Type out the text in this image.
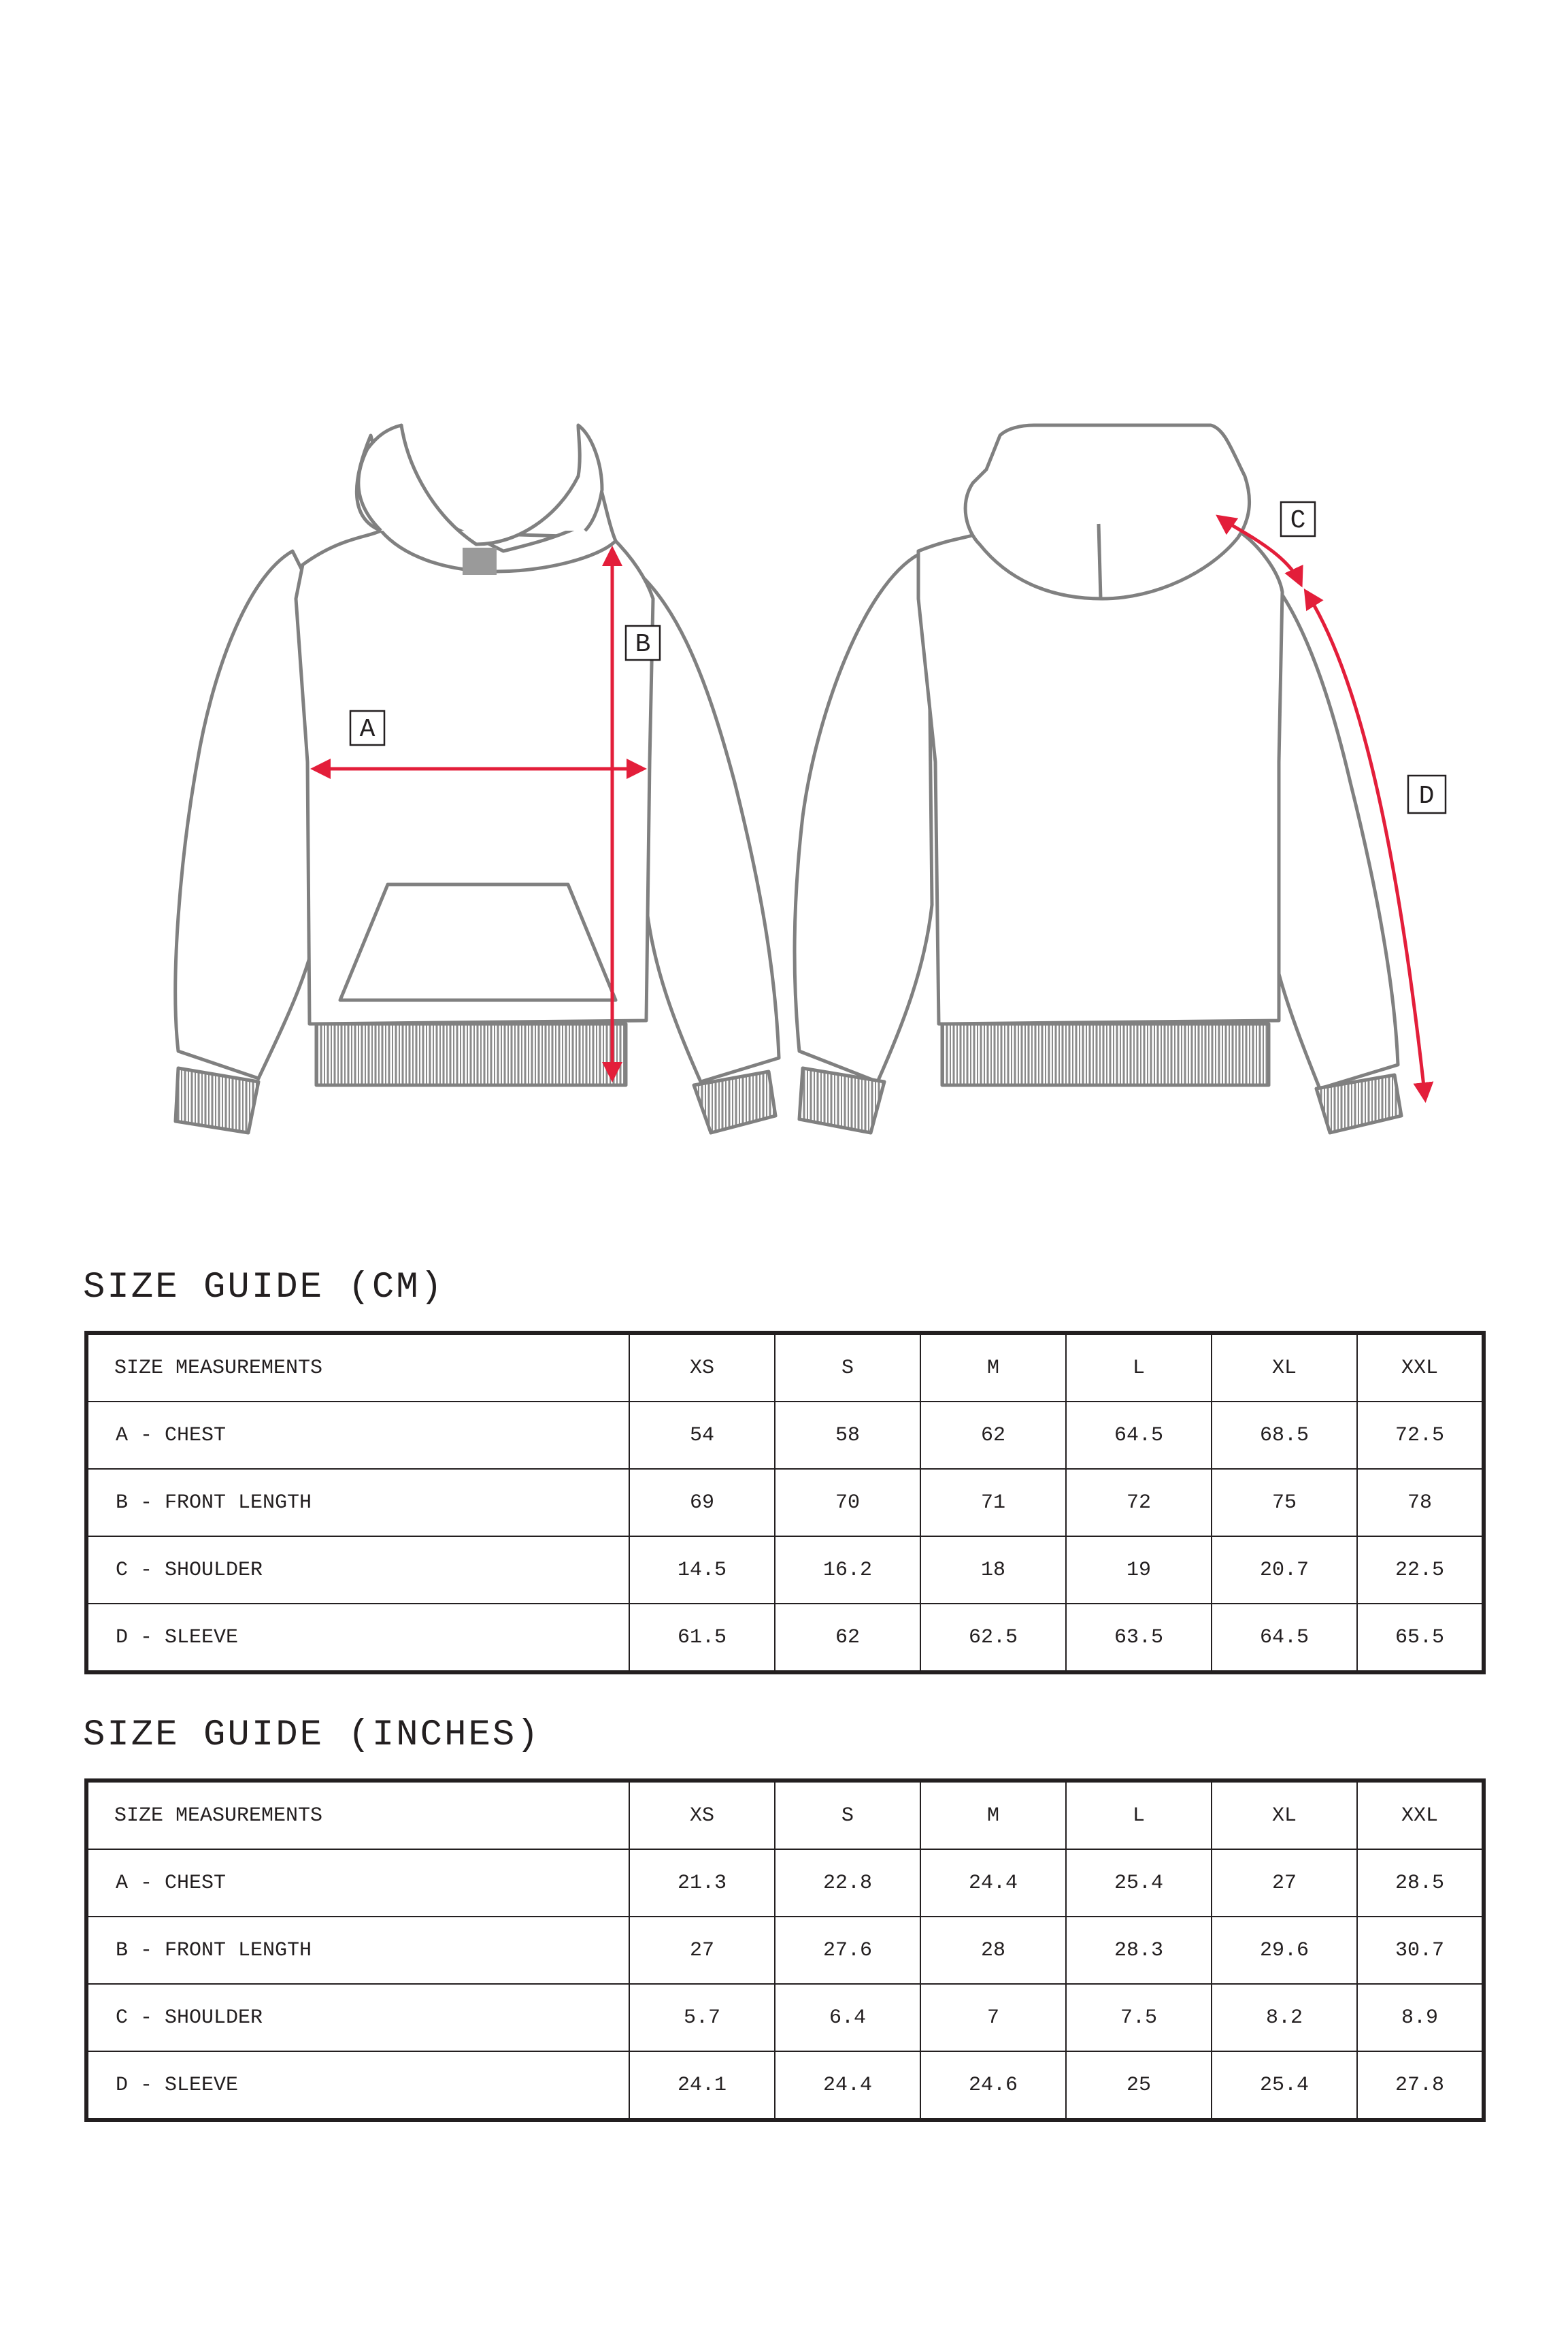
A
B
C
D
SIZE GUIDE (CM)
SIZE MEASUREMENTS	XS	S	M	L	XL	XXL
A - CHEST	54	58	62	64.5	68.5	72.5
B - FRONT LENGTH	69	70	71	72	75	78
C - SHOULDER	14.5	16.2	18	19	20.7	22.5
D - SLEEVE	61.5	62	62.5	63.5	64.5	65.5
SIZE GUIDE (INCHES)
SIZE MEASUREMENTS	XS	S	M	L	XL	XXL
A - CHEST	21.3	22.8	24.4	25.4	27	28.5
B - FRONT LENGTH	27	27.6	28	28.3	29.6	30.7
C - SHOULDER	5.7	6.4	7	7.5	8.2	8.9
D - SLEEVE	24.1	24.4	24.6	25	25.4	27.8
